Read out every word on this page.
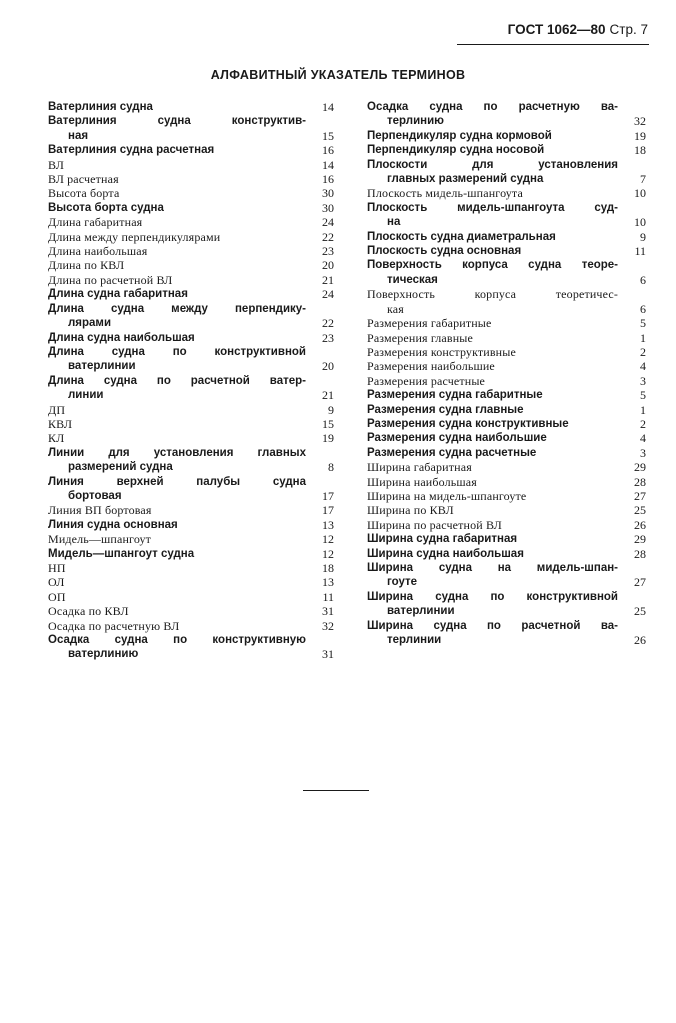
ГОСТ 1062—80 Стр. 7
АЛФАВИТНЫЙ УКАЗАТЕЛЬ ТЕРМИНОВ
Ватерлиния судна	14
Ватерлиния судна конструктив-
ная	15
Ватерлиния судна расчетная	16
ВЛ	14
ВЛ расчетная	16
Высота борта	30
Высота борта судна	30
Длина габаритная	24
Длина между перпендикулярами	22
Длина наибольшая	23
Длина по КВЛ	20
Длина по расчетной ВЛ	21
Длина судна габаритная	24
Длина судна между перпендику-
лярами	22
Длина судна наибольшая	23
Длина судна по конструктивной
ватерлинии	20
Длина судна по расчетной ватер-
линии	21
ДП	9
КВЛ	15
КЛ	19
Линии для установления главных
размерений судна	8
Линия верхней палубы судна
бортовая	17
Линия ВП бортовая	17
Линия судна основная	13
Мидель—шпангоут	12
Мидель—шпангоут судна	12
НП	18
ОЛ	13
ОП	11
Осадка по КВЛ	31
Осадка по расчетную ВЛ	32
Осадка судна по конструктивную
ватерлинию	31
Осадка судна по расчетную ва-
терлинию	32
Перпендикуляр судна кормовой	19
Перпендикуляр судна носовой	18
Плоскости для установления
главных размерений судна	7
Плоскость мидель-шпангоута	10
Плоскость мидель-шпангоута суд-
на	10
Плоскость судна диаметральная	9
Плоскость судна основная	11
Поверхность корпуса судна теоре-
тическая	6
Поверхность корпуса теоретичес-
кая	6
Размерения габаритные	5
Размерения главные	1
Размерения конструктивные	2
Размерения наибольшие	4
Размерения расчетные	3
Размерения судна габаритные	5
Размерения судна главные	1
Размерения судна конструктивные	2
Размерения судна наибольшие	4
Размерения судна расчетные	3
Ширина габаритная	29
Ширина наибольшая	28
Ширина на мидель-шпангоуте	27
Ширина по КВЛ	25
Ширина по расчетной ВЛ	26
Ширина судна габаритная	29
Ширина судна наибольшая	28
Ширина судна на мидель-шпан-
гоуте	27
Ширина судна по конструктивной
ватерлинии	25
Ширина судна по расчетной ва-
терлинии	26
